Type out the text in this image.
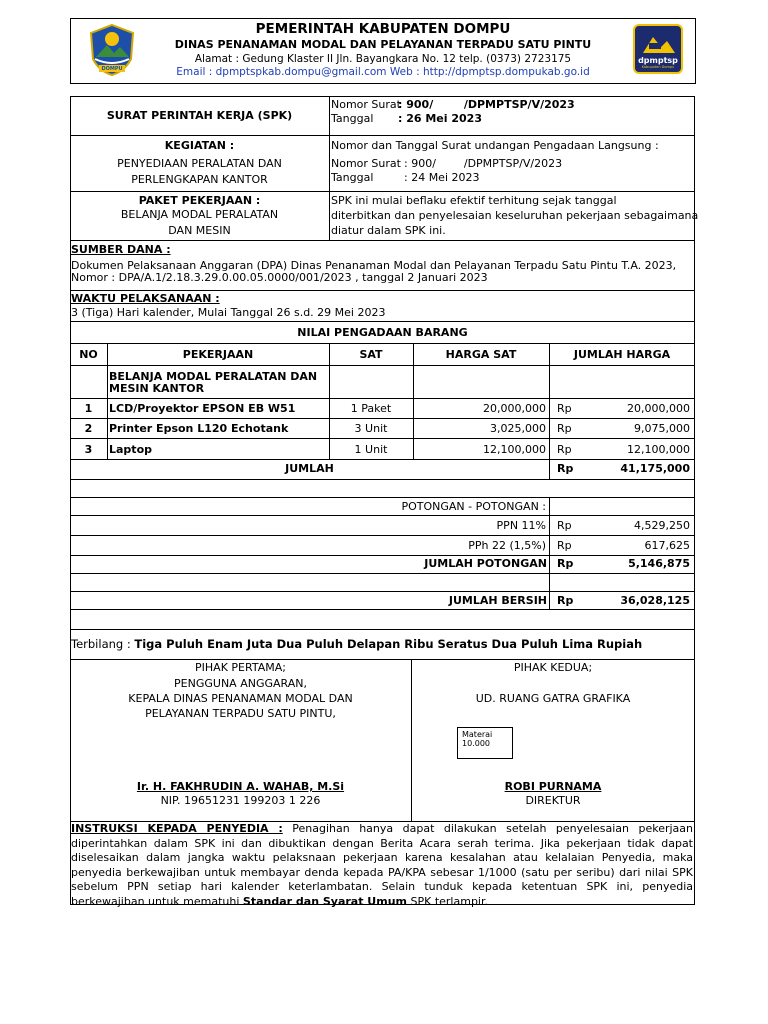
DOMPU
PEMERINTAH KABUPATEN DOMPU
DINAS PENANAMAN MODAL DAN PELAYANAN TERPADU SATU PINTU
Alamat : Gedung Klaster II Jln. Bayangkara No. 12 telp. (0373) 2723175
Email : dpmptspkab.dompu@gmail.com Web : http://dpmptsp.dompukab.go.id
dpmptsp
Kabupaten Dompu
SURAT PERINTAH KERJA (SPK)
Nomor Surat
: 900/        /DPMPTSP/V/2023
Tanggal : 26 Mei 2023
KEGIATAN :
PENYEDIAAN PERALATAN DAN
PERLENGKAPAN KANTOR
Nomor dan Tanggal Surat undangan Pengadaan Langsung :
Nomor Surat : 900/        /DPMPTSP/V/2023
Tanggal	: 24 Mei 2023
PAKET PEKERJAAN :
BELANJA MODAL PERALATAN
DAN MESIN
SPK ini mulai beflaku efektif terhitung sejak tanggal
diterbitkan dan penyelesaian keseluruhan pekerjaan sebagaimana
diatur dalam SPK ini.
SUMBER DANA :
Dokumen Pelaksanaan Anggaran (DPA) Dinas Penanaman Modal dan Pelayanan Terpadu Satu Pintu T.A. 2023,
Nomor : DPA/A.1/2.18.3.29.0.00.05.0000/001/2023 , tanggal 2 Januari 2023
WAKTU PELAKSANAAN :
3 (Tiga) Hari kalender, Mulai Tanggal 26 s.d. 29 Mei 2023
NILAI PENGADAAN BARANG
NO	PEKERJAAN	SAT	HARGA SAT	JUMLAH HARGA
BELANJA MODAL PERALATAN DAN
MESIN KANTOR
1	LCD/Proyektor EPSON EB W51	1 Paket	20,000,000 Rp	20,000,000
2	Printer Epson L120 Echotank	3 Unit	3,025,000 Rp	9,075,000
3	Laptop	1 Unit	12,100,000 Rp	12,100,000
JUMLAH	Rp	41,175,000
POTONGAN - POTONGAN :
PPN 11% Rp	4,529,250
PPh 22 (1,5%) Rp	617,625
JUMLAH POTONGAN Rp	5,146,875
JUMLAH BERSIH Rp	36,028,125
Terbilang : Tiga Puluh Enam Juta Dua Puluh Delapan Ribu Seratus Dua Puluh Lima Rupiah
PIHAK PERTAMA;
PENGGUNA ANGGARAN,
KEPALA DINAS PENANAMAN MODAL DAN
PELAYANAN TERPADU SATU PINTU,
Ir. H. FAKHRUDIN A. WAHAB, M.Si
NIP. 19651231 199203 1 226
PIHAK KEDUA;
UD. RUANG GATRA GRAFIKA
Materai
10.000
ROBI PURNAMA
DIREKTUR
INSTRUKSI KEPADA PENYEDIA : Penagihan hanya dapat dilakukan setelah penyelesaian pekerjaan diperintahkan dalam SPK ini dan dibuktikan dengan Berita Acara serah terima. Jika pekerjaan tidak dapat diselesaikan dalam jangka waktu pelaksnaan pekerjaan karena kesalahan atau kelalaian Penyedia, maka penyedia berkewajiban untuk membayar denda kepada PA/KPA sebesar 1/1000 (satu per seribu) dari nilai SPK sebelum PPN setiap hari kalender keterlambatan. Selain tunduk kepada ketentuan SPK ini, penyedia berkewajiban untuk mematuhi Standar dan Syarat Umum SPK terlampir.
